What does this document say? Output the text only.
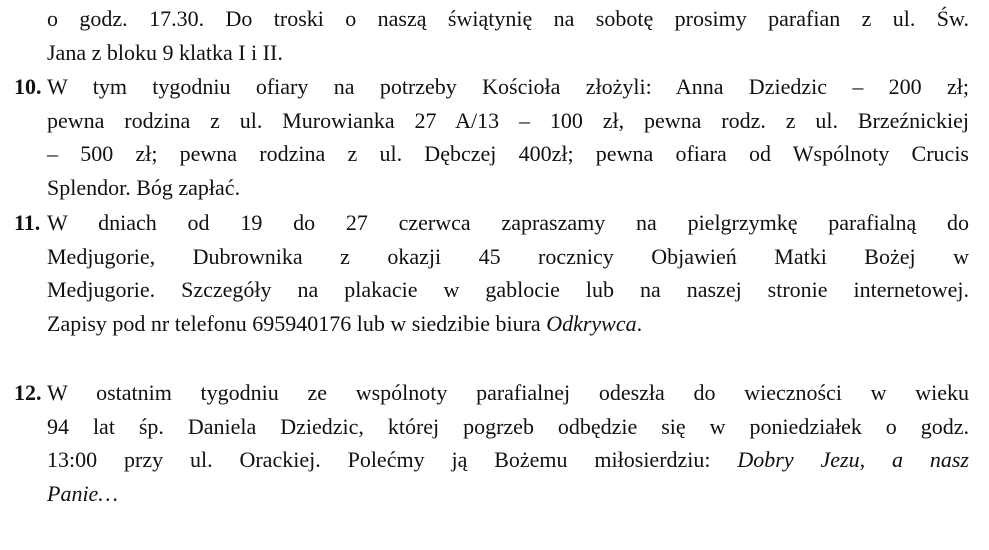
o godz. 17.30. Do troski o naszą świątynię na sobotę prosimy parafian z ul. Św.
Jana z bloku 9 klatka I i II.
10. W tym tygodniu ofiary na potrzeby Kościoła złożyli: Anna Dziedzic – 200 zł;
pewna rodzina z ul. Murowianka 27 A/13 – 100 zł, pewna rodz. z ul. Brzeźnickiej
– 500 zł; pewna rodzina z ul. Dębczej 400zł; pewna ofiara od Wspólnoty Crucis
Splendor. Bóg zapłać.
11. W dniach od 19 do 27 czerwca zapraszamy na pielgrzymkę parafialną do
Medjugorie, Dubrownika z okazji 45 rocznicy Objawień Matki Bożej w
Medjugorie. Szczegóły na plakacie w gablocie lub na naszej stronie internetowej.
Zapisy pod nr telefonu 695940176 lub w siedzibie biura Odkrywca.
12. W ostatnim tygodniu ze wspólnoty parafialnej odeszła do wieczności w wieku
94 lat śp. Daniela Dziedzic, której pogrzeb odbędzie się w poniedziałek o godz.
13:00 przy ul. Orackiej. Polećmy ją Bożemu miłosierdziu: Dobry Jezu, a nasz
Panie…
